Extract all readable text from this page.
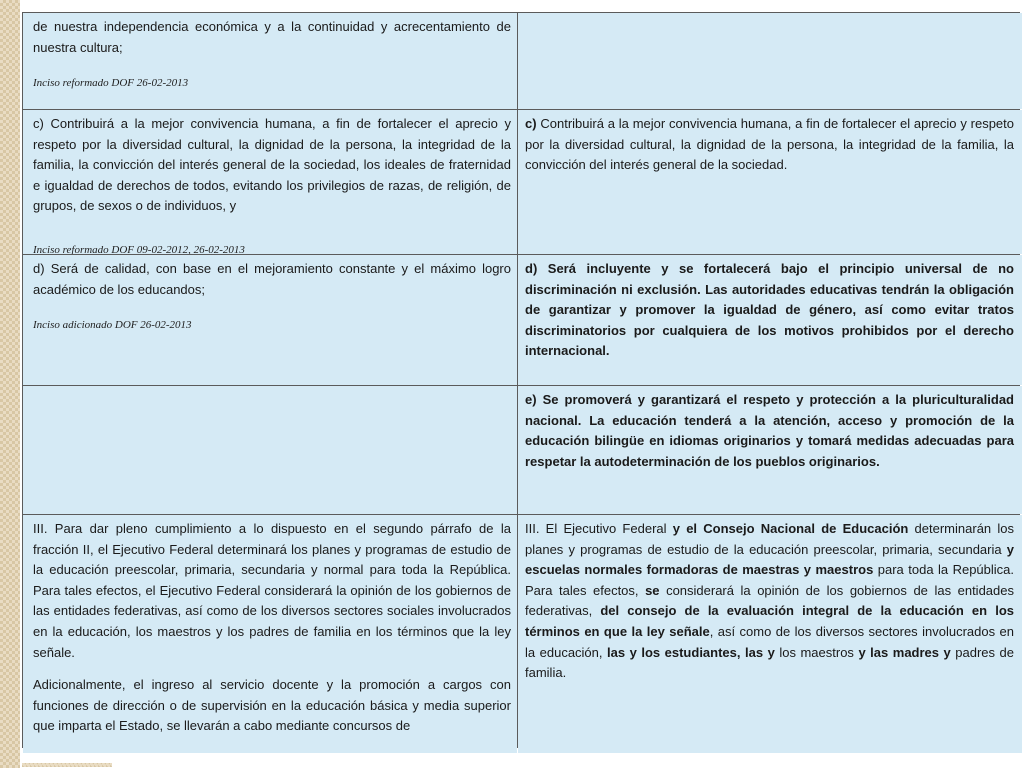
de nuestra independencia económica y a la continuidad y acrecentamiento de nuestra cultura;
Inciso reformado DOF 26-02-2013
c) Contribuirá a la mejor convivencia humana, a fin de fortalecer el aprecio y respeto por la diversidad cultural, la dignidad de la persona, la integridad de la familia, la convicción del interés general de la sociedad, los ideales de fraternidad e igualdad de derechos de todos, evitando los privilegios de razas, de religión, de grupos, de sexos o de individuos, y
Inciso reformado DOF 09-02-2012, 26-02-2013
c) Contribuirá a la mejor convivencia humana, a fin de fortalecer el aprecio y respeto por la diversidad cultural, la dignidad de la persona, la integridad de la familia, la convicción del interés general de la sociedad.
d) Será de calidad, con base en el mejoramiento constante y el máximo logro académico de los educandos;
Inciso adicionado DOF 26-02-2013
d) Será incluyente y se fortalecerá bajo el principio universal de no discriminación ni exclusión. Las autoridades educativas tendrán la obligación de garantizar y promover la igualdad de género, así como evitar tratos discriminatorios por cualquiera de los motivos prohibidos por el derecho internacional.
e) Se promoverá y garantizará el respeto y protección a la pluriculturalidad nacional. La educación tenderá a la atención, acceso y promoción de la educación bilingüe en idiomas originarios y tomará medidas adecuadas para respetar la autodeterminación de los pueblos originarios.
III. Para dar pleno cumplimiento a lo dispuesto en el segundo párrafo de la fracción II, el Ejecutivo Federal determinará los planes y programas de estudio de la educación preescolar, primaria, secundaria y normal para toda la República. Para tales efectos, el Ejecutivo Federal considerará la opinión de los gobiernos de las entidades federativas, así como de los diversos sectores sociales involucrados en la educación, los maestros y los padres de familia en los términos que la ley señale.
Adicionalmente, el ingreso al servicio docente y la promoción a cargos con funciones de dirección o de supervisión en la educación básica y media superior que imparta el Estado, se llevarán a cabo mediante concursos de
III. El Ejecutivo Federal y el Consejo Nacional de Educación determinarán los planes y programas de estudio de la educación preescolar, primaria, secundaria y escuelas normales formadoras de maestras y maestros para toda la República. Para tales efectos, se considerará la opinión de los gobiernos de las entidades federativas, del consejo de la evaluación integral de la educación en los términos en que la ley señale, así como de los diversos sectores involucrados en la educación, las y los estudiantes, las y los maestros y las madres y padres de familia.
